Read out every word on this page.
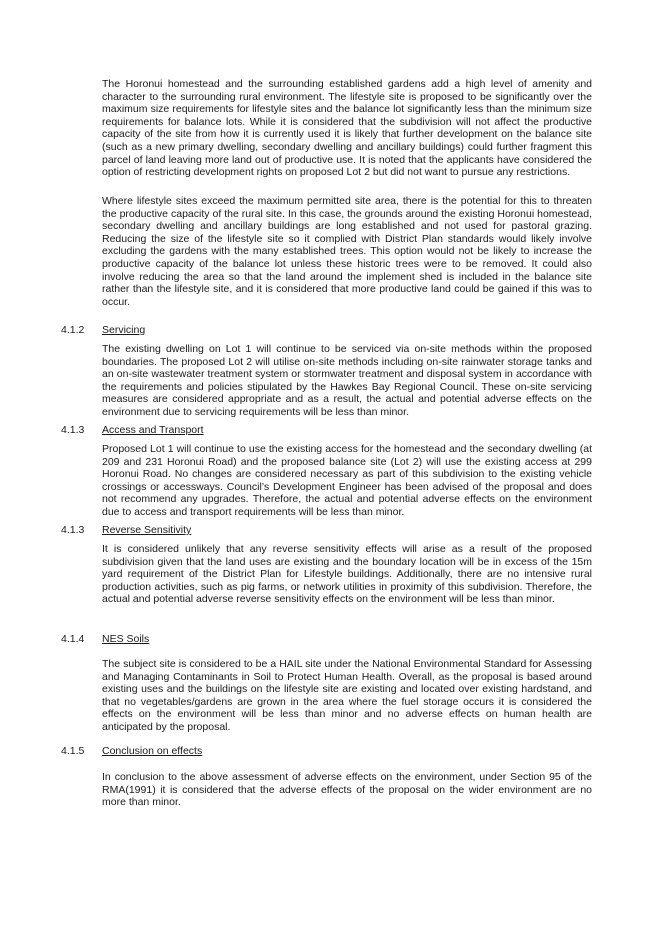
The Horonui homestead and the surrounding established gardens add a high level of amenity and character to the surrounding rural environment. The lifestyle site is proposed to be significantly over the maximum size requirements for lifestyle sites and the balance lot significantly less than the minimum size requirements for balance lots. While it is considered that the subdivision will not affect the productive capacity of the site from how it is currently used it is likely that further development on the balance site (such as a new primary dwelling, secondary dwelling and ancillary buildings) could further fragment this parcel of land leaving more land out of productive use. It is noted that the applicants have considered the option of restricting development rights on proposed Lot 2 but did not want to pursue any restrictions.

Where lifestyle sites exceed the maximum permitted site area, there is the potential for this to threaten the productive capacity of the rural site. In this case, the grounds around the existing Horonui homestead, secondary dwelling and ancillary buildings are long established and not used for pastoral grazing. Reducing the size of the lifestyle site so it complied with District Plan standards would likely involve excluding the gardens with the many established trees. This option would not be likely to increase the productive capacity of the balance lot unless these historic trees were to be removed. It could also involve reducing the area so that the land around the implement shed is included in the balance site rather than the lifestyle site, and it is considered that more productive land could be gained if this was to occur.

4.1.2 Servicing

The existing dwelling on Lot 1 will continue to be serviced via on-site methods within the proposed boundaries. The proposed Lot 2 will utilise on-site methods including on-site rainwater storage tanks and an on-site wastewater treatment system or stormwater treatment and disposal system in accordance with the requirements and policies stipulated by the Hawkes Bay Regional Council. These on-site servicing measures are considered appropriate and as a result, the actual and potential adverse effects on the environment due to servicing requirements will be less than minor.

4.1.3 Access and Transport

Proposed Lot 1 will continue to use the existing access for the homestead and the secondary dwelling (at 209 and 231 Horonui Road) and the proposed balance site (Lot 2) will use the existing access at 299 Horonui Road. No changes are considered necessary as part of this subdivision to the existing vehicle crossings or accessways. Council’s Development Engineer has been advised of the proposal and does not recommend any upgrades. Therefore, the actual and potential adverse effects on the environment due to access and transport requirements will be less than minor.

4.1.3 Reverse Sensitivity

It is considered unlikely that any reverse sensitivity effects will arise as a result of the proposed subdivision given that the land uses are existing and the boundary location will be in excess of the 15m yard requirement of the District Plan for Lifestyle buildings. Additionally, there are no intensive rural production activities, such as pig farms, or network utilities in proximity of this subdivision. Therefore, the actual and potential adverse reverse sensitivity effects on the environment will be less than minor.

4.1.4 NES Soils

The subject site is considered to be a HAIL site under the National Environmental Standard for Assessing and Managing Contaminants in Soil to Protect Human Health. Overall, as the proposal is based around existing uses and the buildings on the lifestyle site are existing and located over existing hardstand, and that no vegetables/gardens are grown in the area where the fuel storage occurs it is considered the effects on the environment will be less than minor and no adverse effects on human health are anticipated by the proposal.

4.1.5 Conclusion on effects

In conclusion to the above assessment of adverse effects on the environment, under Section 95 of the RMA(1991) it is considered that the adverse effects of the proposal on the wider environment are no more than minor.
